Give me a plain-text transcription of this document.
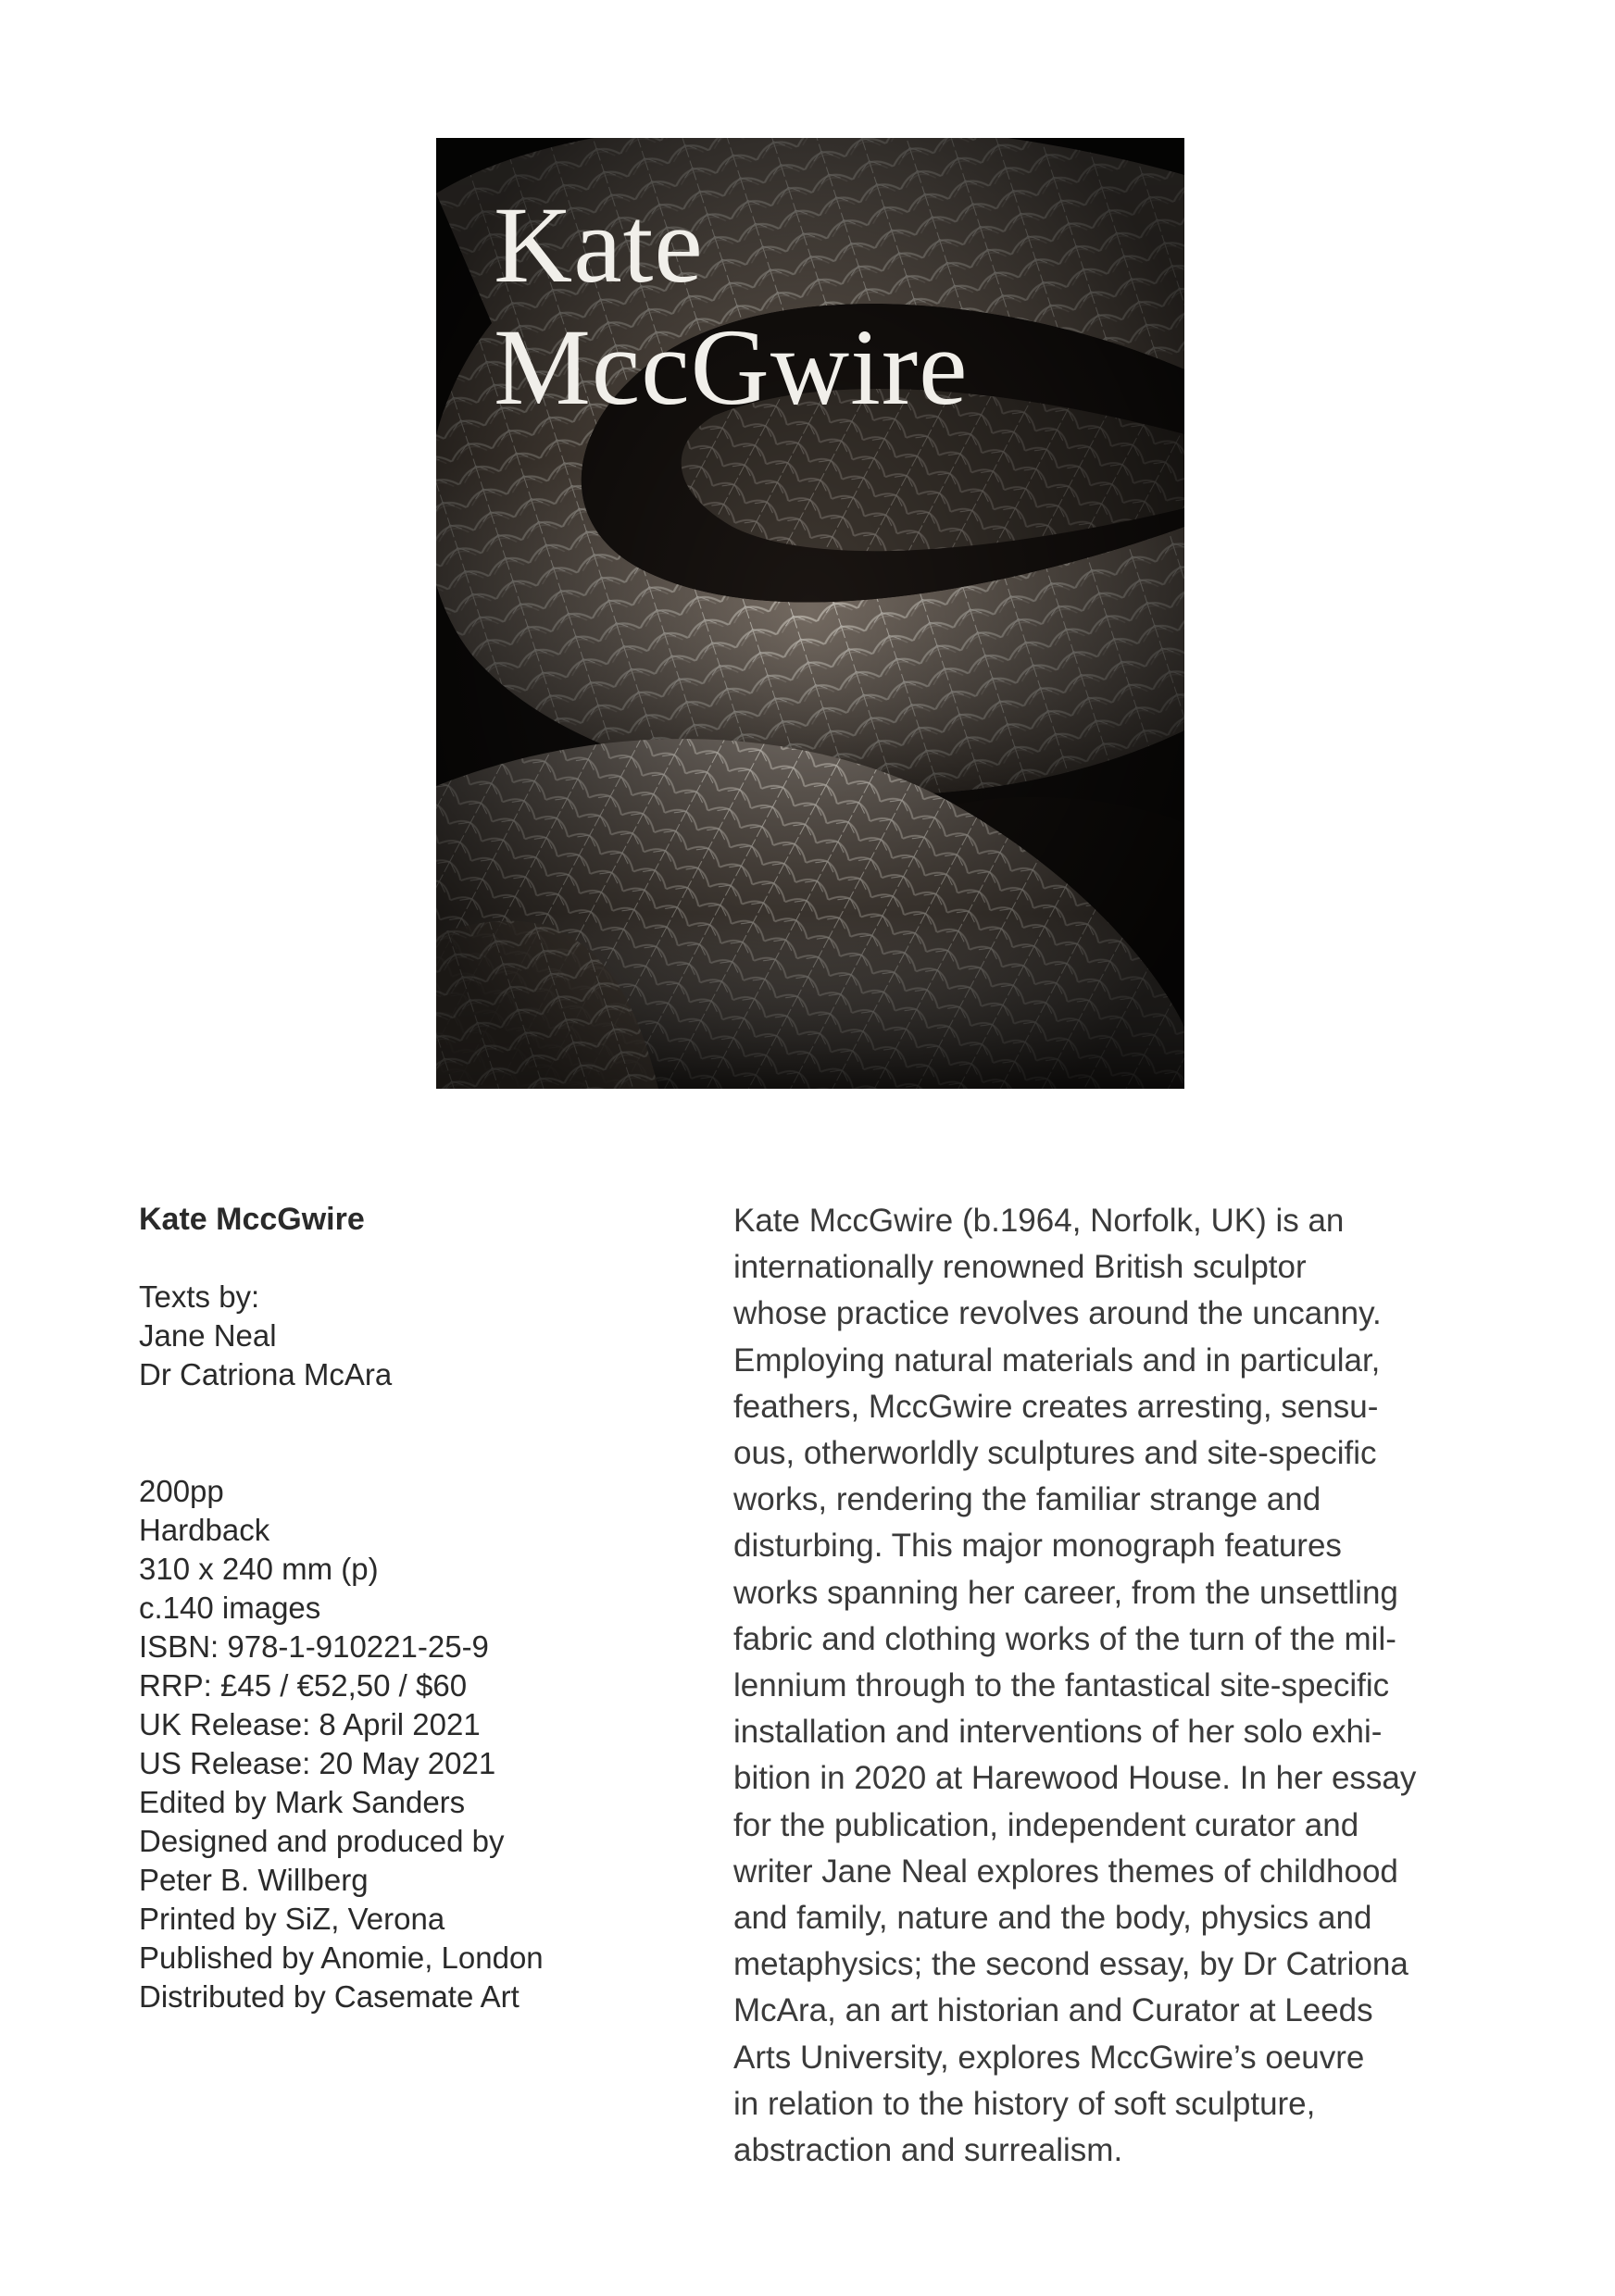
Kate
MccGwire
Kate MccGwire
Texts by:
Jane Neal
Dr Catriona McAra
200pp
Hardback
310 x 240 mm (p)
c.140 images
ISBN: 978-1-910221-25-9
RRP: £45 / €52,50 / $60
UK Release: 8 April 2021
US Release: 20 May 2021
Edited by Mark Sanders
Designed and produced by
Peter B. Willberg
Printed by SiZ, Verona
Published by Anomie, London
Distributed by Casemate Art

Kate MccGwire (b.1964, Norfolk, UK) is an
internationally renowned British sculptor
whose practice revolves around the uncanny.
Employing natural materials and in particular,
feathers, MccGwire creates arresting, sensu-
ous, otherworldly sculptures and site-specific
works, rendering the familiar strange and
disturbing. This major monograph features
works spanning her career, from the unsettling
fabric and clothing works of the turn of the mil-
lennium through to the fantastical site-specific
installation and interventions of her solo exhi-
bition in 2020 at Harewood House. In her essay
for the publication, independent curator and
writer Jane Neal explores themes of childhood
and family, nature and the body, physics and
metaphysics; the second essay, by Dr Catriona
McAra, an art historian and Curator at Leeds
Arts University, explores MccGwire’s oeuvre
in relation to the history of soft sculpture,
abstraction and surrealism.
